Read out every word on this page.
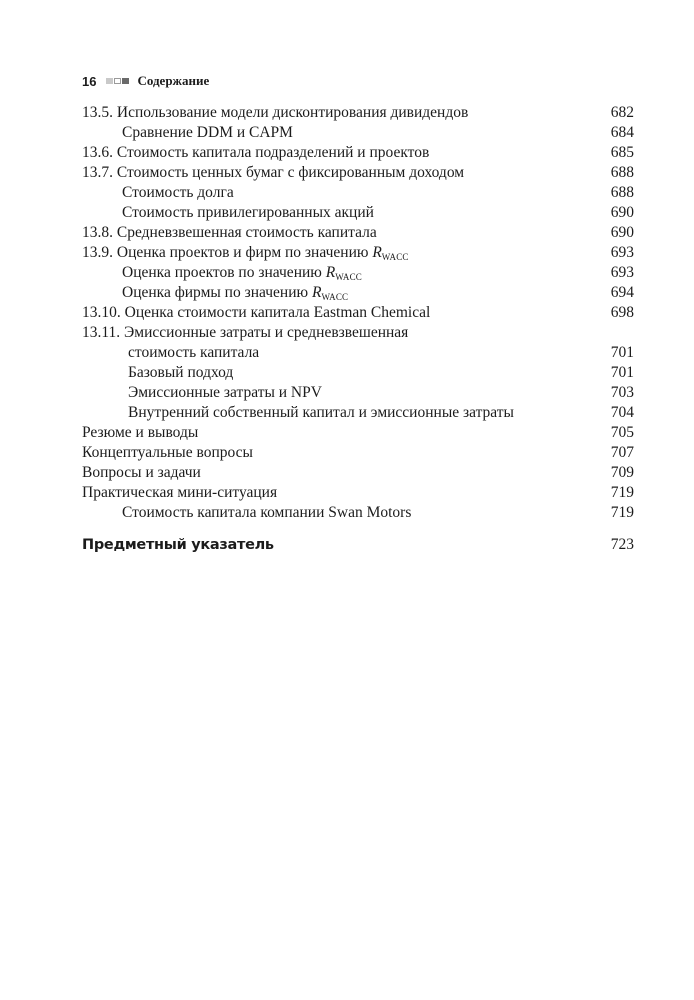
16	Содержание
13.5. Использование модели дисконтирования дивидендов	682
Сравнение DDM и CAPM	684
13.6. Стоимость капитала подразделений и проектов	685
13.7. Стоимость ценных бумаг с фиксированным доходом	688
Стоимость долга	688
Стоимость привилегированных акций	690
13.8. Средневзвешенная стоимость капитала	690
13.9. Оценка проектов и фирм по значению $R_{WACC}$	693
Оценка проектов по значению $R_{WACC}$	693
Оценка фирмы по значению $R_{WACC}$	694
13.10. Оценка стоимости капитала Eastman Chemical	698
13.11. Эмиссионные затраты и средневзвешенная
стоимость капитала	701
Базовый подход	701
Эмиссионные затраты и NPV	703
Внутренний собственный капитал и эмиссионные затраты	704
Резюме и выводы	705
Концептуальные вопросы	707
Вопросы и задачи	709
Практическая мини-ситуация	719
Стоимость капитала компании Swan Motors	719
Предметный указатель	723
